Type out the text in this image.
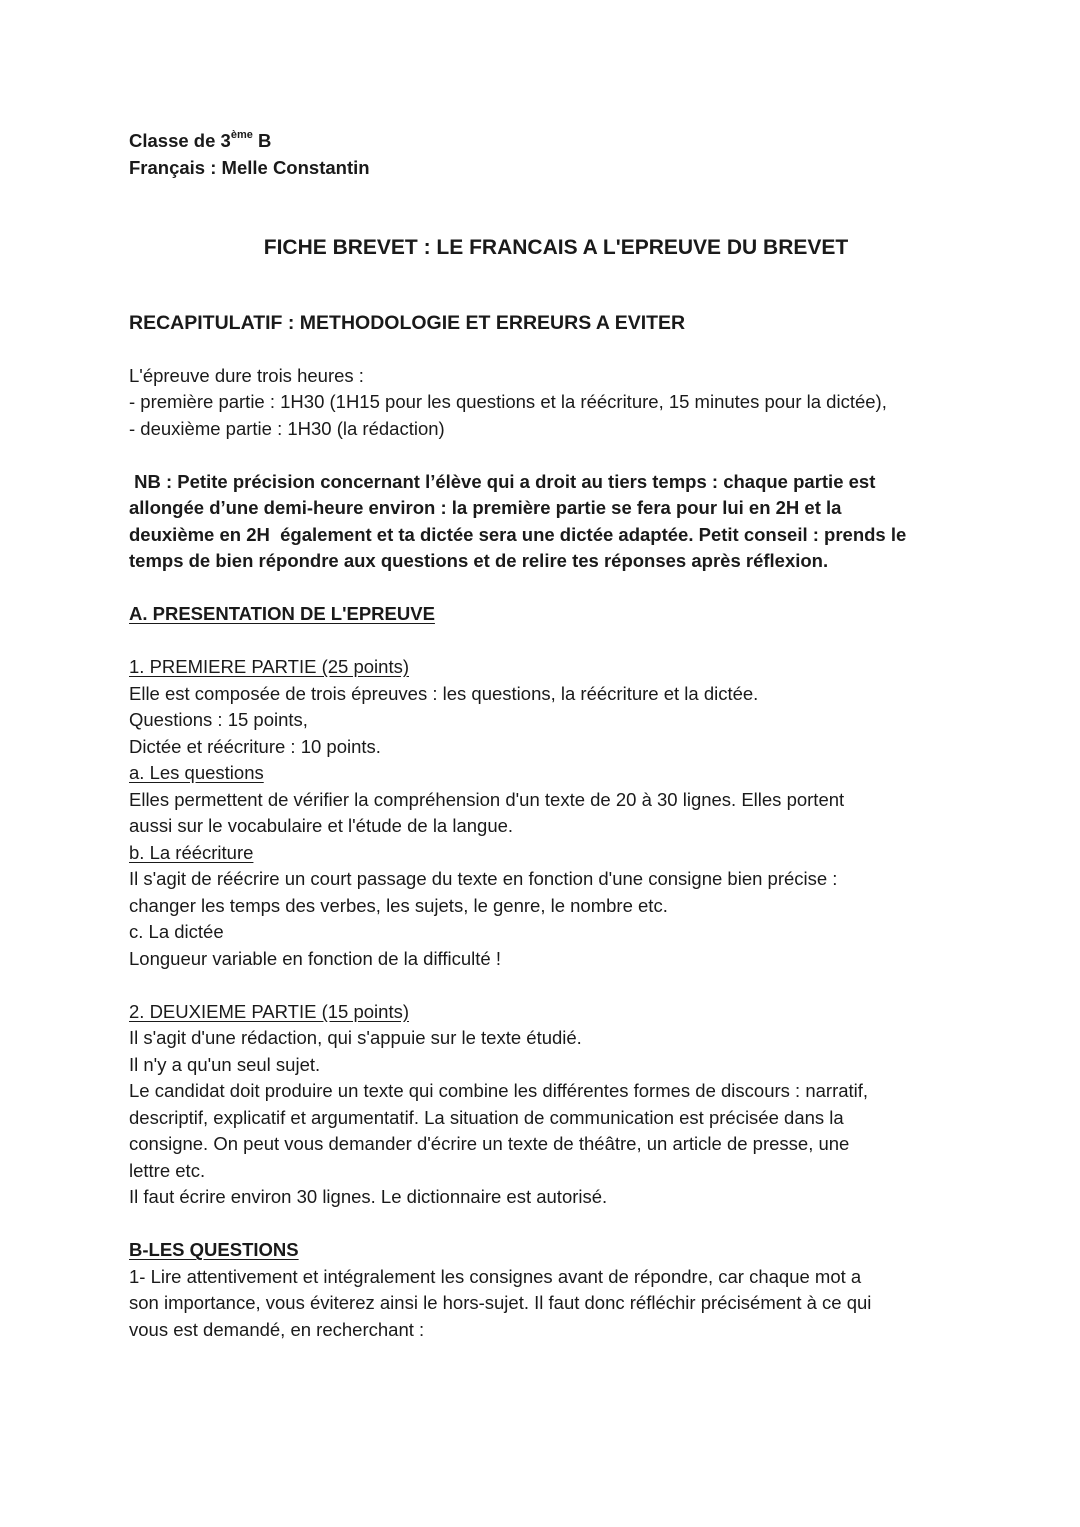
Classe de 3ème B
Français : Melle Constantin
FICHE BREVET : LE FRANCAIS A L'EPREUVE DU BREVET
RECAPITULATIF : METHODOLOGIE ET ERREURS A EVITER
L'épreuve dure trois heures :
- première partie : 1H30 (1H15 pour les questions et la réécriture, 15 minutes pour la dictée),
- deuxième partie : 1H30 (la rédaction)
NB : Petite précision concernant l’élève qui a droit au tiers temps : chaque partie est
allongée d’une demi-heure environ : la première partie se fera pour lui en 2H et la
deuxième en 2H  également et ta dictée sera une dictée adaptée. Petit conseil : prends le
temps de bien répondre aux questions et de relire tes réponses après réflexion.
A. PRESENTATION DE L'EPREUVE
1. PREMIERE PARTIE (25 points)
Elle est composée de trois épreuves : les questions, la réécriture et la dictée.
Questions : 15 points,
Dictée et réécriture : 10 points.
a. Les questions
Elles permettent de vérifier la compréhension d'un texte de 20 à 30 lignes. Elles portent
aussi sur le vocabulaire et l'étude de la langue.
b. La réécriture
Il s'agit de réécrire un court passage du texte en fonction d'une consigne bien précise :
changer les temps des verbes, les sujets, le genre, le nombre etc.
c. La dictée
Longueur variable en fonction de la difficulté !
2. DEUXIEME PARTIE (15 points)
Il s'agit d'une rédaction, qui s'appuie sur le texte étudié.
Il n'y a qu'un seul sujet.
Le candidat doit produire un texte qui combine les différentes formes de discours : narratif,
descriptif, explicatif et argumentatif. La situation de communication est précisée dans la
consigne. On peut vous demander d'écrire un texte de théâtre, un article de presse, une
lettre etc.
Il faut écrire environ 30 lignes. Le dictionnaire est autorisé.
B-LES QUESTIONS
1- Lire attentivement et intégralement les consignes avant de répondre, car chaque mot a
son importance, vous éviterez ainsi le hors-sujet. Il faut donc réfléchir précisément à ce qui
vous est demandé, en recherchant :
